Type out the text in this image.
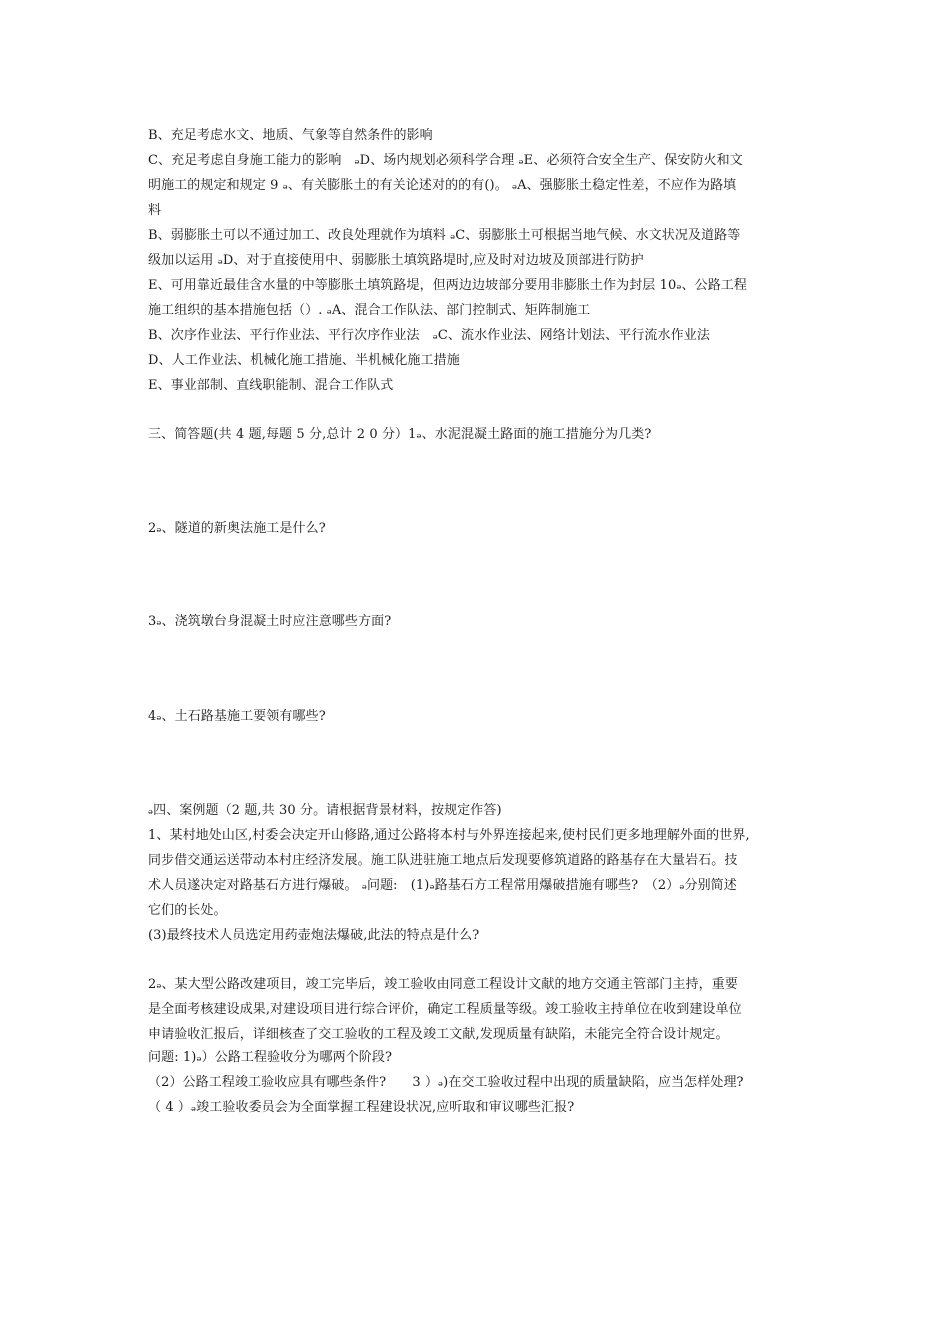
B、充足考虑水文、地质、气象等自然条件的影响
C、充足考虑自身施工能力的影响　ₔD、场内规划必须科学合理 ₔE、必须符合安全生产、保安防火和文
明施工的规定和规定 9 ₔ、有关膨胀土的有关论述对的的有()。 ₔA、强膨胀土稳定性差，不应作为路填
料
B、弱膨胀土可以不通过加工、改良处理就作为填料 ₔC、弱膨胀土可根据当地气候、水文状况及道路等
级加以运用 ₔD、对于直接使用中、弱膨胀土填筑路堤时,应及时对边坡及顶部进行防护
E、可用靠近最佳含水量的中等膨胀土填筑路堤，但两边边坡部分要用非膨胀土作为封层 10ₔ、公路工程
施工组织的基本措施包括（）. ₔA、混合工作队法、部门控制式、矩阵制施工
B、次序作业法、平行作业法、平行次序作业法　ₔC、流水作业法、网络计划法、平行流水作业法
D、人工作业法、机械化施工措施、半机械化施工措施
E、事业部制、直线职能制、混合工作队式
三、简答题(共 4 题,每题 5 分,总计 2 0 分）1ₔ、水泥混凝土路面的施工措施分为几类?
2ₔ、隧道的新奥法施工是什么?
3ₔ、浇筑墩台身混凝土时应注意哪些方面?
4ₔ、土石路基施工要领有哪些?
ₔ四、案例题（2 题,共 30 分。请根据背景材料，按规定作答)
1、某村地处山区,村委会决定开山修路,通过公路将本村与外界连接起来,使村民们更多地理解外面的世界,
同步借交通运送带动本村庄经济发展。施工队进驻施工地点后发现要修筑道路的路基存在大量岩石。技
术人员遂决定对路基石方进行爆破。 ₔ问题:　(1)ₔ路基石方工程常用爆破措施有哪些?　（2）ₔ分别简述
它们的长处。
(3)最终技术人员选定用药壶炮法爆破,此法的特点是什么?
2ₔ、某大型公路改建项目，竣工完毕后，竣工验收由同意工程设计文献的地方交通主管部门主持，重要
是全面考核建设成果,对建设项目进行综合评价，确定工程质量等级。竣工验收主持单位在收到建设单位
申请验收汇报后，详细核查了交工验收的工程及竣工文献,发现质量有缺陷，未能完全符合设计规定。
问题: 1)ₔ）公路工程验收分为哪两个阶段?
（2）公路工程竣工验收应具有哪些条件?　　3 ）ₔ)在交工验收过程中出现的质量缺陷，应当怎样处理?
（ 4 ）ₔ竣工验收委员会为全面掌握工程建设状况,应听取和审议哪些汇报?
